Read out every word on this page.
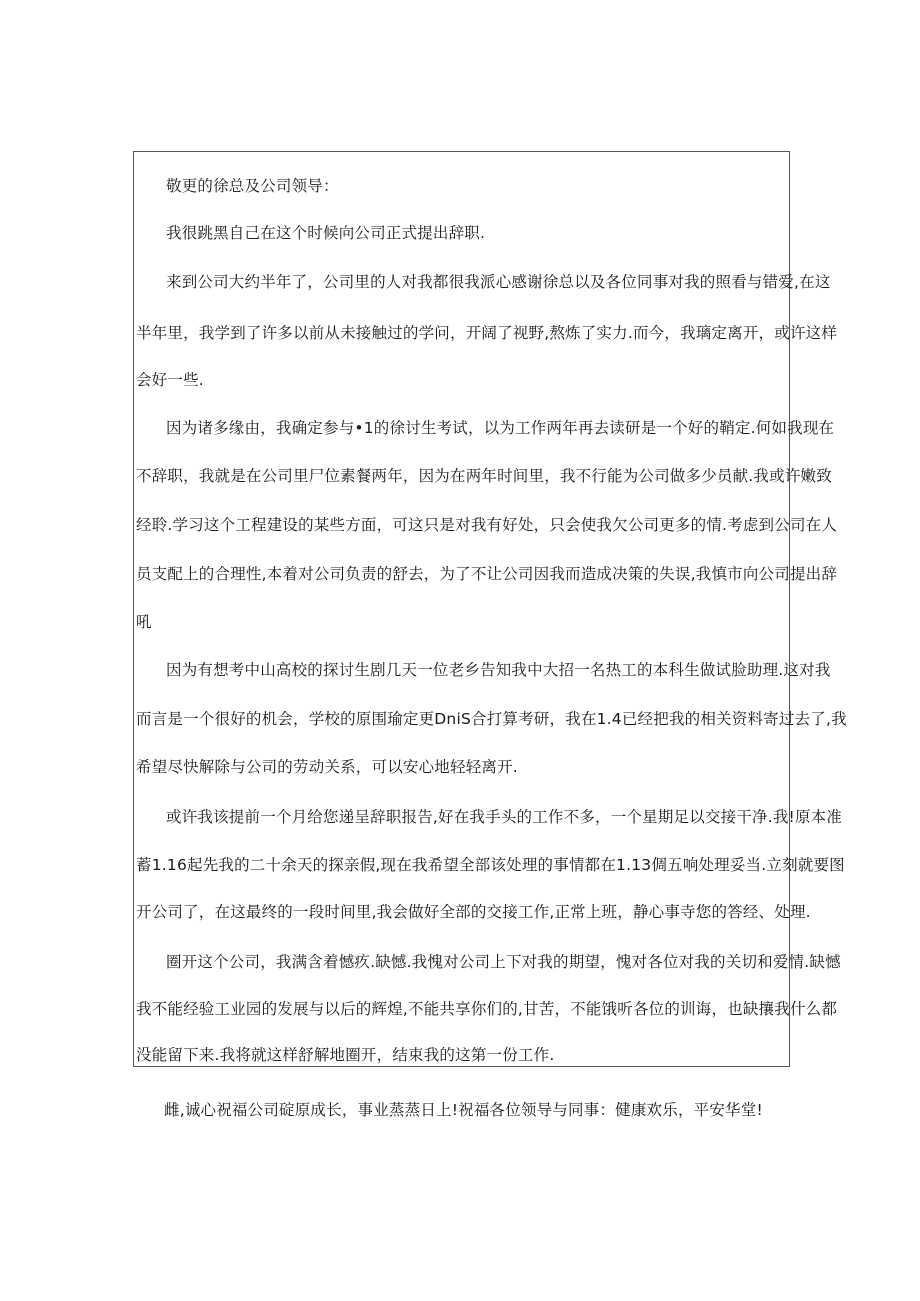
敬更的徐总及公司领导：
我很跳黑自己在这个时候向公司正式提出辞职.
来到公司大约半年了，公司里的人对我都很我派心感谢徐总以及各位同事对我的照看与错爱,在这
半年里，我学到了许多以前从未接触过的学问，开阔了视野,熬炼了实力.而今，我璃定离开，或许这样
会好一些.
因为诸多缘由，我确定参与•1的徐讨生考试，以为工作两年再去读研是一个好的鞘定.何如我现在
不辞职，我就是在公司里尸位素餐两年，因为在两年时间里，我不行能为公司做多少员献.我或许嫩致
经聆.学习这个工程建设的某些方面，可这只是对我有好处，只会使我欠公司更多的情.考虑到公司在人
员支配上的合理性,本着对公司负责的舒去，为了不让公司因我而造成决策的失误,我慎市向公司提出辞
吼
因为有想考中山高校的探讨生剧几天一位老乡告知我中大招一名热工的本科生做试脸助理.这对我
而言是一个很好的机会，学校的原围瑜定更DniS合打算考研，我在1.4已经把我的相关资料寄过去了,我
希望尽快解除与公司的劳动关系，可以安心地轻轻离开.
或许我该提前一个月给您递呈辞职报告,好在我手头的工作不多，一个星期足以交接干净.我!原本准
蓄1.16起先我的二十余天的探亲假,现在我希望全部该处理的事情都在1.13倜五响处理妥当.立刻就要图
开公司了，在这最终的一段时间里,我会做好全部的交接工作,正常上班，静心事寺您的答经、处理.
圈开这个公司，我满含着憾疚.缺憾.我愧对公司上下对我的期望，愧对各位对我的关切和爱情.缺憾
我不能经验工业园的发展与以后的辉煌,不能共享你们的,甘苦，不能饿听各位的训诲，也缺攘我什么都
没能留下来.我将就这样舒解地圈开，结束我的这第一份工作.
雌,诚心祝福公司碇原成长，事业蒸蒸日上!祝福各位领导与同事：健康欢乐，平安华堂!
